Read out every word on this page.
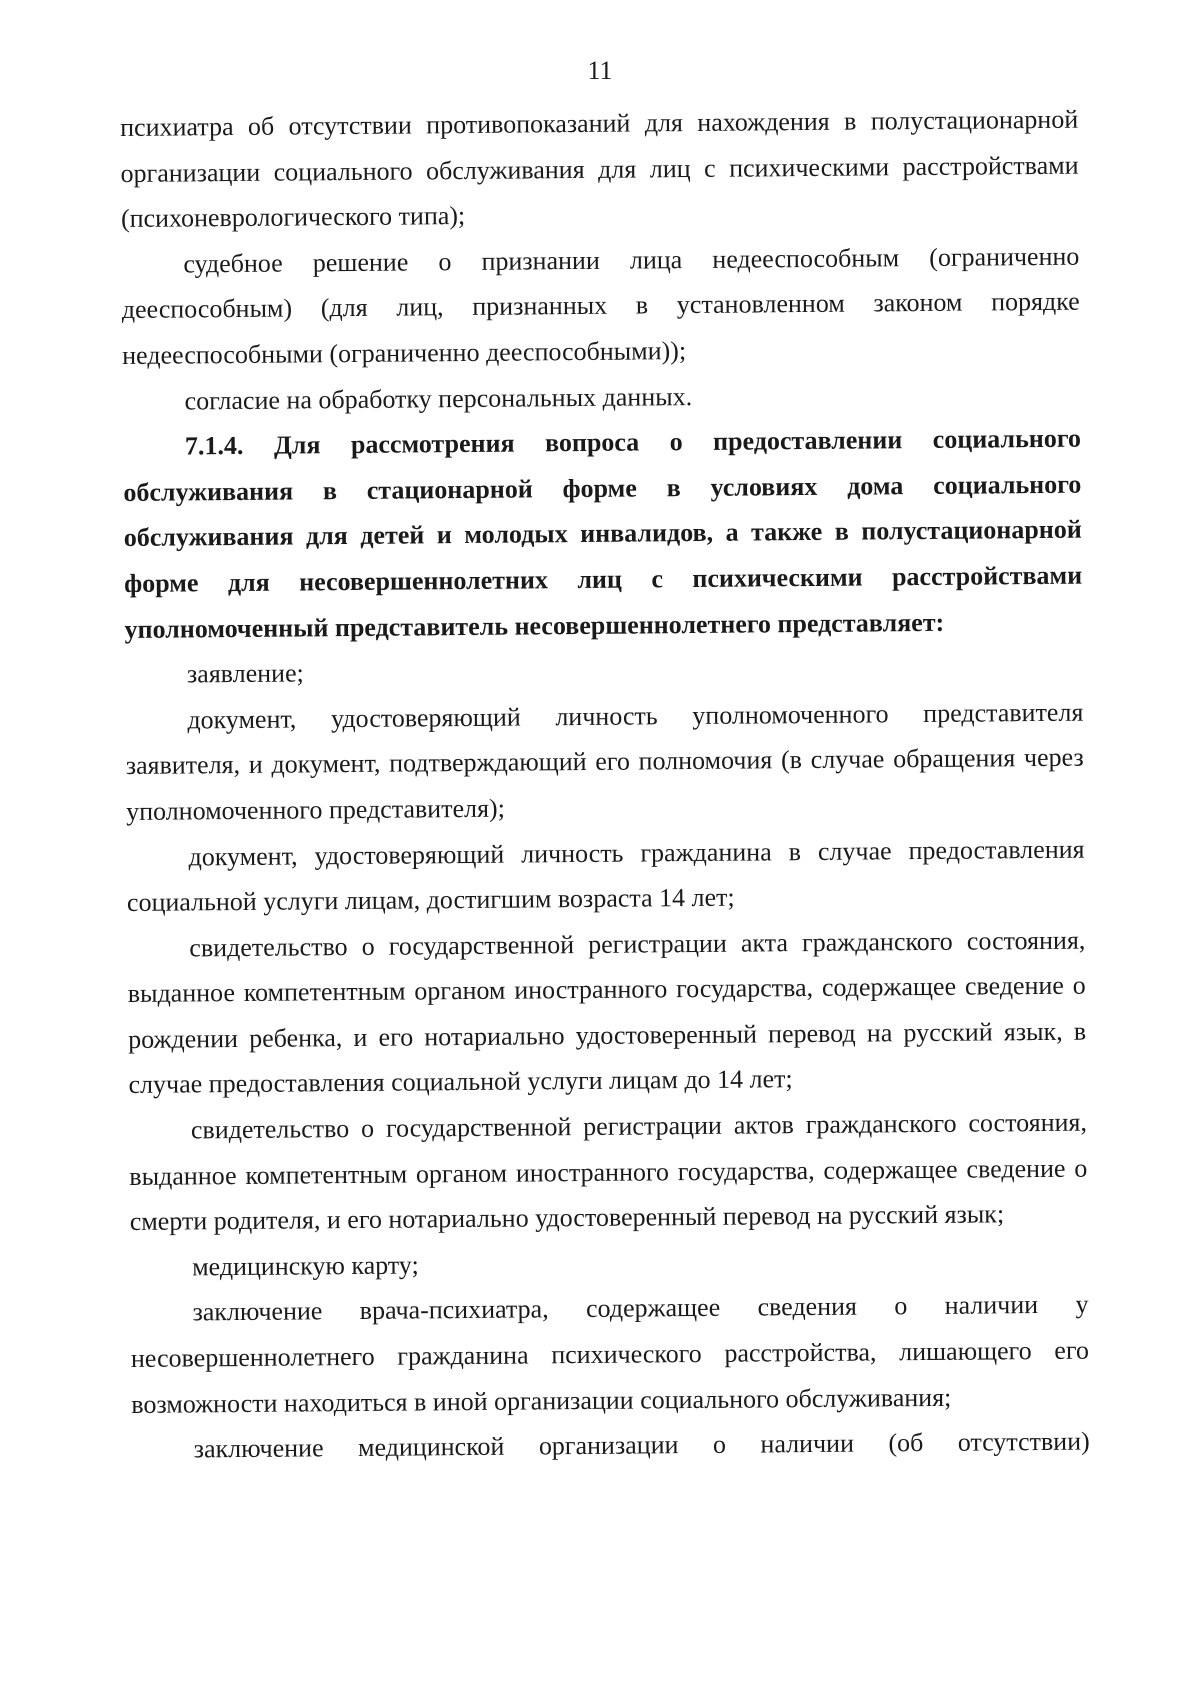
11

психиатра об отсутствии противопоказаний для нахождения в полустационарной организации социального обслуживания для лиц с психическими расстройствами (психоневрологического типа);

судебное решение о признании лица недееспособным (ограниченно дееспособным) (для лиц, признанных в установленном законом порядке недееспособными (ограниченно дееспособными));

согласие на обработку персональных данных.

7.1.4. Для рассмотрения вопроса о предоставлении социального обслуживания в стационарной форме в условиях дома социального обслуживания для детей и молодых инвалидов, а также в полустационарной форме для несовершеннолетних лиц с психическими расстройствами уполномоченный представитель несовершеннолетнего представляет:

заявление;

документ, удостоверяющий личность уполномоченного представителя заявителя, и документ, подтверждающий его полномочия (в случае обращения через уполномоченного представителя);

документ, удостоверяющий личность гражданина в случае предоставления социальной услуги лицам, достигшим возраста 14 лет;

свидетельство о государственной регистрации акта гражданского состояния, выданное компетентным органом иностранного государства, содержащее сведение о рождении ребенка, и его нотариально удостоверенный перевод на русский язык, в случае предоставления социальной услуги лицам до 14 лет;

свидетельство о государственной регистрации актов гражданского состояния, выданное компетентным органом иностранного государства, содержащее сведение о смерти родителя, и его нотариально удостоверенный перевод на русский язык;

медицинскую карту;

заключение врача-психиатра, содержащее сведения о наличии у несовершеннолетнего гражданина психического расстройства, лишающего его возможности находиться в иной организации социального обслуживания;

заключение медицинской организации о наличии (об отсутствии)
